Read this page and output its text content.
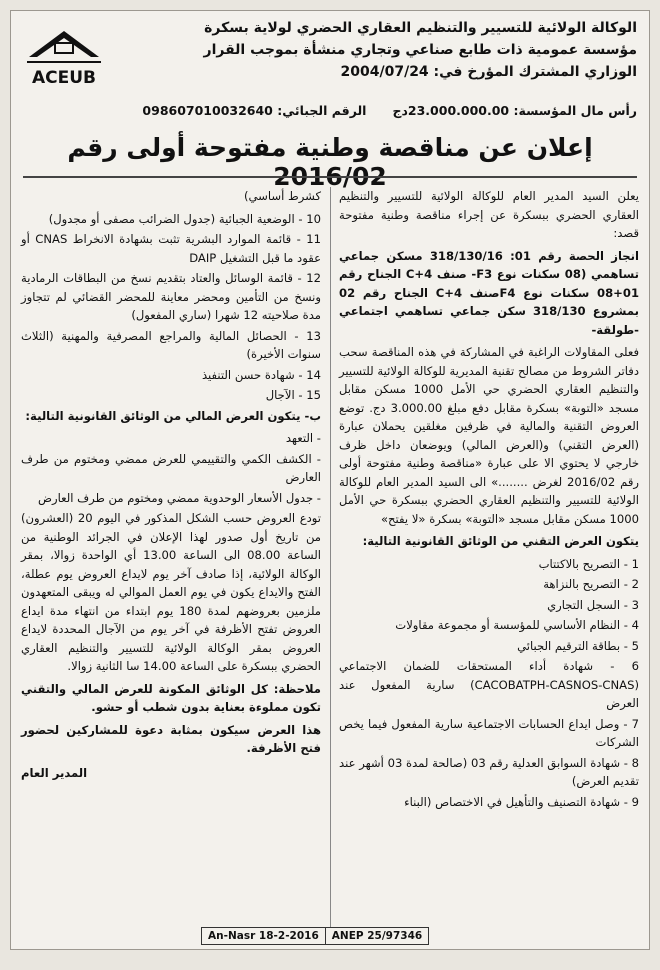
ACEUB
الوكالة الولائية للتسيير والتنظيم العقاري الحضري لولاية بسكرة
مؤسسة عمومية ذات طابع صناعي وتجاري منشأة بموجب القرار
الوزاري المشترك المؤرخ في: 2004/07/24
رأس مال المؤسسة: 23.000.000.00دج
الرقم الجبائي: 098607010032640
إعلان عن مناقصة وطنية مفتوحة أولى رقم 2016/02

يعلن السيد المدير العام للوكالة الولائية للتسيير والتنظيم العقاري الحضري ببسكرة عن إجراء مناقصة وطنية مفتوحة قصد:

انجاز الحصة رقم 01: 318/130/16 مسكن جماعي تساهمي (08 سكنات نوع F3- صنف C+4 الجناح رقم 01+08 سكنات نوع F4صنف C+4 الجناح رقم 02 بمشروع 318/130 سكن جماعي تساهمي اجتماعي -طولقة-

فعلى المقاولات الراغبة في المشاركة في هذه المناقصة سحب دفاتر الشروط من مصالح تقنية المديرية للوكالة الولائية للتسيير والتنظيم العقاري الحضري حي الأمل 1000 مسكن مقابل مسجد «التوبة» بسكرة مقابل دفع مبلغ 3.000.00 دج. توضع العروض التقنية والمالية في ظرفين مغلقين يحملان عبارة (العرض التقني) و(العرض المالي) ويوضعان داخل ظرف خارجي لا يحتوي الا على عبارة «مناقصة وطنية مفتوحة أولى رقم 2016/02 لغرض ........» الى السيد المدير العام للوكالة الولائية للتسيير والتنظيم العقاري الحضري ببسكرة حي الأمل 1000 مسكن مقابل مسجد «التوبة» بسكرة «لا يفتح»

يتكون العرض التقني من الوثائق القانونية التالية:

1 - التصريح بالاكتتاب
2 - التصريح بالنزاهة
3 - السجل التجاري
4 - النظام الأساسي للمؤسسة أو مجموعة مقاولات
5 - بطاقة الترقيم الجبائي
6 - شهادة أداء المستحقات للضمان الاجتماعي (CACOBATPH-CASNOS-CNAS) سارية المفعول عند العرض
7 - وصل ايداع الحسابات الاجتماعية سارية المفعول فيما يخص الشركات
8 - شهادة السوابق العدلية رقم 03 (صالحة لمدة 03 أشهر عند تقديم العرض)
9 - شهادة التصنيف والتأهيل في الاختصاص (البناء

كشرط أساسي)

10 - الوضعية الجبائية (جدول الضرائب مصفى أو مجدول)
11 - قائمة الموارد البشرية تثبت بشهادة الانخراط CNAS أو عقود ما قبل التشغيل DAIP
12 - قائمة الوسائل والعتاد بتقديم نسخ من البطاقات الرمادية ونسخ من التأمين ومحضر معاينة للمحضر القضائي لم تتجاوز مدة صلاحيته 12 شهرا (ساري المفعول)
13 - الحصائل المالية والمراجع المصرفية والمهنية (الثلاث سنوات الأخيرة)
14 - شهادة حسن التنفيذ
15 - الآجال

ب- يتكون العرض المالي من الوثائق القانونية التالية:

- التعهد
- الكشف الكمي والتقييمي للعرض ممضي ومختوم من طرف العارض
- جدول الأسعار الوحدوية ممضي ومختوم من طرف العارض

تودع العروض حسب الشكل المذكور في اليوم 20 (العشرون) من تاريخ أول صدور لهذا الإعلان في الجرائد الوطنية من الساعة 08.00 الى الساعة 13.00 أي الواحدة زوالا، بمقر الوكالة الولائية، إذا صادف آخر يوم لايداع العروض يوم عطلة، الفتح والايداع يكون في يوم العمل الموالي له ويبقى المتعهدون ملزمين بعروضهم لمدة 180 يوم ابتداء من انتهاء مدة ايداع العروض تفتح الأظرفة في آخر يوم من الآجال المحددة لايداع العروض بمقر الوكالة الولائية للتسيير والتنظيم العقاري الحضري ببسكرة على الساعة 14.00 سا الثانية زوالا.

ملاحظة: كل الوثائق المكونة للعرض المالي والتقني تكون مملوءة بعناية بدون شطب أو حشو.

هذا العرض سيكون بمثابة دعوة للمشاركين لحضور فتح الأظرفة.

المدير العام
An-Nasr 18-2-2016	ANEP 25/97346
